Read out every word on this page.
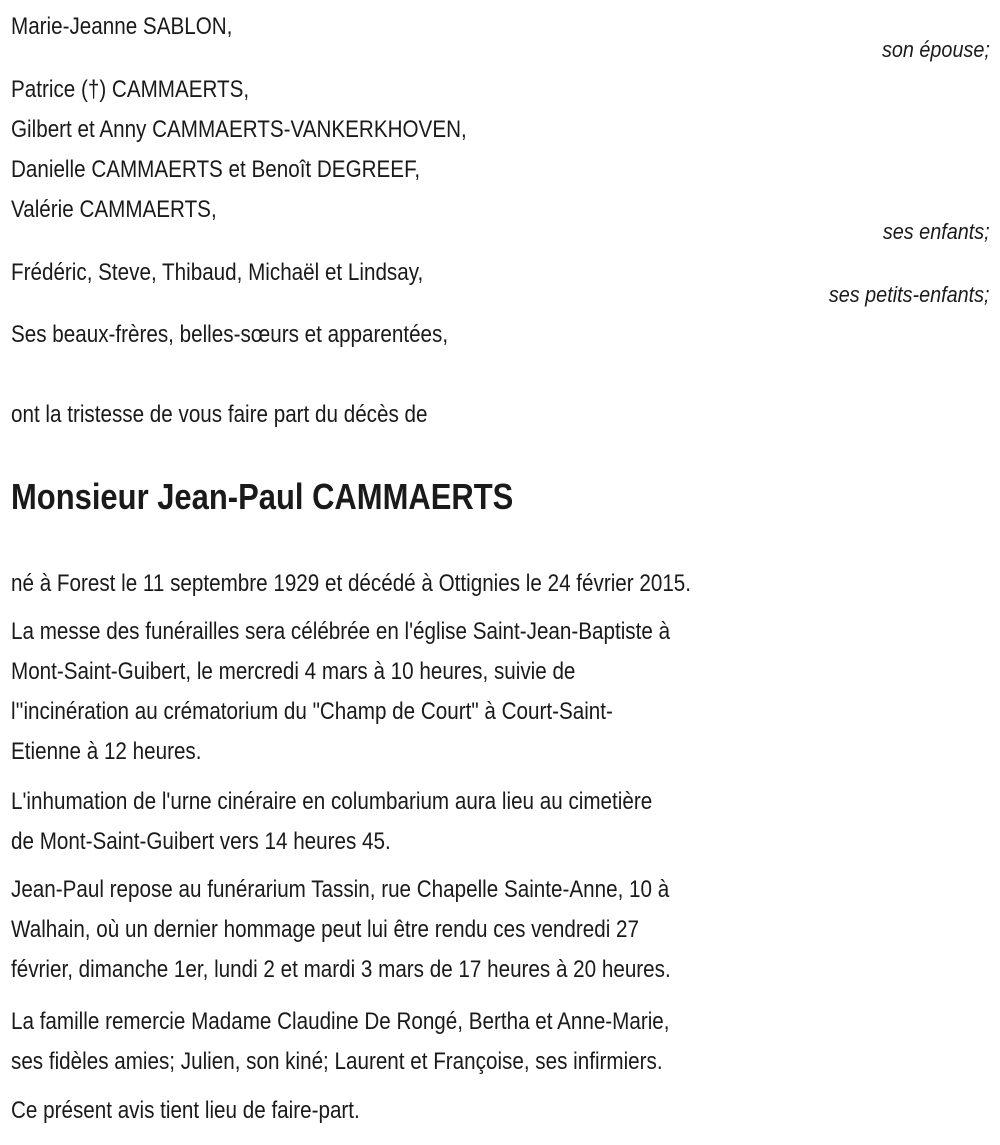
Marie-Jeanne SABLON,
son épouse;
Patrice (†) CAMMAERTS,
Gilbert et Anny CAMMAERTS-VANKERKHOVEN,
Danielle CAMMAERTS et Benoît DEGREEF,
Valérie CAMMAERTS,
ses enfants;
Frédéric, Steve, Thibaud, Michaël et Lindsay,
ses petits-enfants;
Ses beaux-frères, belles-sœurs et apparentées,
ont la tristesse de vous faire part du décès de
Monsieur Jean-Paul CAMMAERTS
né à Forest le 11 septembre 1929 et décédé à Ottignies le 24 février 2015.
La messe des funérailles sera célébrée en l'église Saint-Jean-Baptiste à
Mont-Saint-Guibert, le mercredi 4 mars à 10 heures, suivie de
l''incinération au crématorium du "Champ de Court" à Court-Saint-
Etienne à 12 heures.
L'inhumation de l'urne cinéraire en columbarium aura lieu au cimetière
de Mont-Saint-Guibert vers 14 heures 45.
Jean-Paul repose au funérarium Tassin, rue Chapelle Sainte-Anne, 10 à
Walhain, où un dernier hommage peut lui être rendu ces vendredi 27
février, dimanche 1er, lundi 2 et mardi 3 mars de 17 heures à 20 heures.
La famille remercie Madame Claudine De Rongé, Bertha et Anne-Marie,
ses fidèles amies; Julien, son kiné; Laurent et Françoise, ses infirmiers.
Ce présent avis tient lieu de faire-part.
